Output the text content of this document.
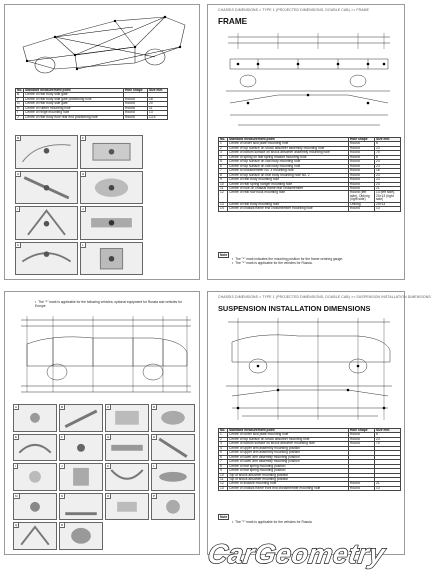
No.	Standard measurement point	Hole shape	Size mm
B	Centre of rear body side gate		
F	Centre of rear body side gate positioning hole	Round	18
G	Centre of rear body side gate	Round	20
H	Centre of rubber mounting hole	Round	11
I	Centre of hinge mounting hole	Round	13
J	Centre of rear body floor rear end positioning hole	Round	13.5
B	F
G	H
I	J
K	L
CHASSIS DIMENSIONS > TYPE 1 (PROJECTED DIMENSIONS, DOUBLE CAB) >> FRAME
FRAME
No.	Standard measurement point	Hole shape	Size mm
1	Centre of under skid plate mounting hole	Round	8
2	Centre of top surface on shock absorber assembly mounting hole	Round	23
3	Centre of bottom surface on shock absorber assembly mounting hole	Round	70
4	Centre of spring on leaf spring bracket mounting hole	Round	8
5	Centre of top surface on cab body mounting hole	Round	23
6	Centre of top surface on cab body mounting hole	Round	23
7	Centre of crossmember No. 3 mounting hole	Round	16
8	Centre of top surface on rear body mounting hole No. 2	Round	23
9	Centre of rear body mounting hole	Round	23
10	Centre of rear spring hanger mounting hole	Round	23
11	Centre of hole on chassis frame rear crossmember	Round	21
12	Centre of rear tow hook mounting hole	Round (left side), Oblong (right side)	13 (left side), 20×13 (right side)
13	Centre of rear body mounting hole	Oblong	20×13
14	Centre of chassis frame end crossmember mounting hole	Round	13
Note
• The "*" mark indicates the mounting position for the frame centring gauge.
• The "*" mark is applicable for the vehicles for Russia.
• The "*" mark is applicable for the following vehicles; optional equipment for Russia and vehicles for Europe
A	B	C	D
E	F	G	H
I	J	K	L
M	N	O	P
Q	R
CHASSIS DIMENSIONS > TYPE 1 (PROJECTED DIMENSIONS, DOUBLE CAB) >> SUSPENSION INSTALLATION DIMENSIONS
SUSPENSION INSTALLATION DIMENSIONS
No.	Standard measurement point	Hole shape	Size mm
1	Centre of under skid plate mounting hole	Round	8
2	Centre of top surface on shock absorber mounting hole	Round	23
3	Centre of bottom surface on shock absorber mounting hole	Round	70
4	Centre of upper arm assembly mounting position		
5	Centre of upper arm assembly mounting position		
6	Centre of lower arm assembly mounting position		
7	Centre of lower arm assembly mounting position		
8	Centre of leaf spring mounting position		
9	Centre of leaf spring mounting position		
10	Top of shock absorber mounting position		
11	Top of shock absorber mounting position		
12	Centre of shackle mounting hole	Round	21
13	Centre of chassis frame front end crossmember mounting hole	Round	13
Note
• The "*" mark is applicable for the vehicles for Russia.
CarGeometry
